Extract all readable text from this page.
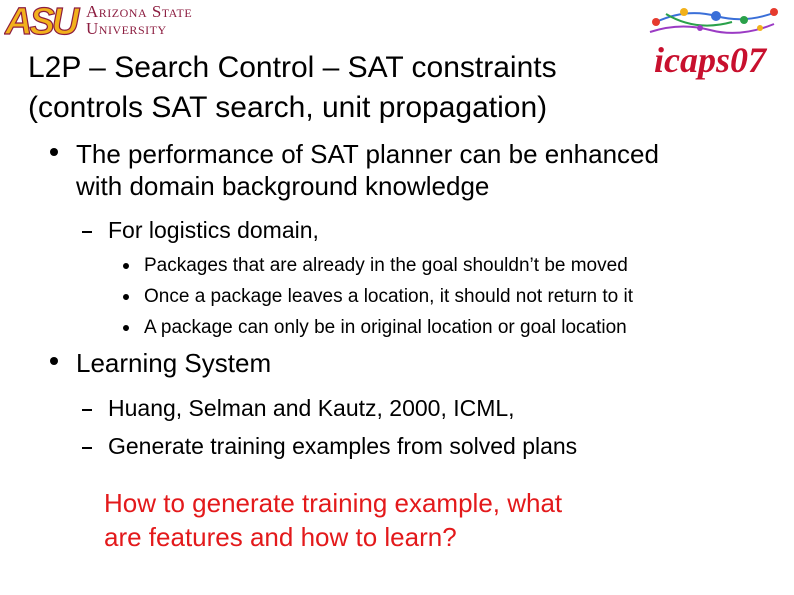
ASU Arizona State
University
icaps07
L2P – Search Control – SAT constraints
(controls SAT search, unit propagation)
The performance of SAT planner can be enhanced
with domain background knowledge
For logistics domain,
Packages that are already in the goal shouldn’t be moved
Once a package leaves a location, it should not return to it
A package can only be in original location or goal location
Learning System
Huang, Selman and Kautz, 2000, ICML,
Generate training examples from solved plans
How to generate training example, what
are features and how to learn?
